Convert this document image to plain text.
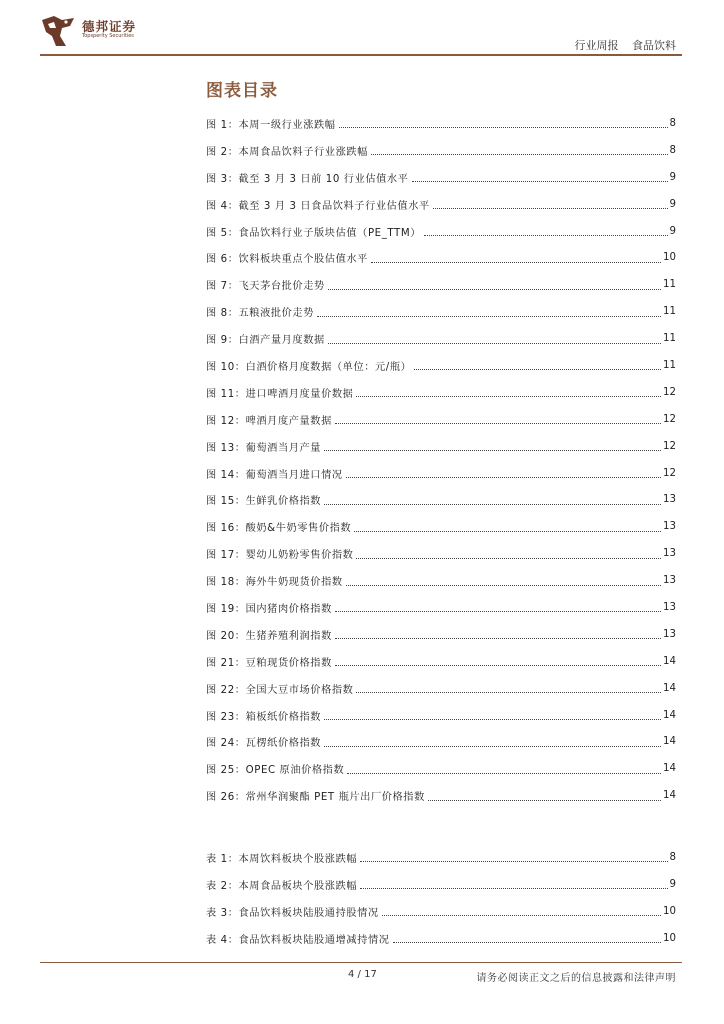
德邦证券
Topsperity Securities
行业周报 食品饮料
图表目录
图 1：本周一级行业涨跌幅	8
图 2：本周食品饮料子行业涨跌幅	8
图 3：截至 3 月 3 日前 10 行业估值水平	9
图 4：截至 3 月 3 日食品饮料子行业估值水平	9
图 5：食品饮料行业子版块估值（PE_TTM）	9
图 6：饮料板块重点个股估值水平	10
图 7：飞天茅台批价走势	11
图 8：五粮液批价走势	11
图 9：白酒产量月度数据	11
图 10：白酒价格月度数据（单位：元/瓶）	11
图 11：进口啤酒月度量价数据	12
图 12：啤酒月度产量数据	12
图 13：葡萄酒当月产量	12
图 14：葡萄酒当月进口情况	12
图 15：生鲜乳价格指数	13
图 16：酸奶&牛奶零售价指数	13
图 17：婴幼儿奶粉零售价指数	13
图 18：海外牛奶现货价指数	13
图 19：国内猪肉价格指数	13
图 20：生猪养殖利润指数	13
图 21：豆粕现货价格指数	14
图 22：全国大豆市场价格指数	14
图 23：箱板纸价格指数	14
图 24：瓦楞纸价格指数	14
图 25：OPEC 原油价格指数	14
图 26：常州华润聚酯 PET 瓶片出厂价格指数	14
表 1：本周饮料板块个股涨跌幅	8
表 2：本周食品板块个股涨跌幅	9
表 3：食品饮料板块陆股通持股情况	10
表 4：食品饮料板块陆股通增减持情况	10
4 / 17	请务必阅读正文之后的信息披露和法律声明
